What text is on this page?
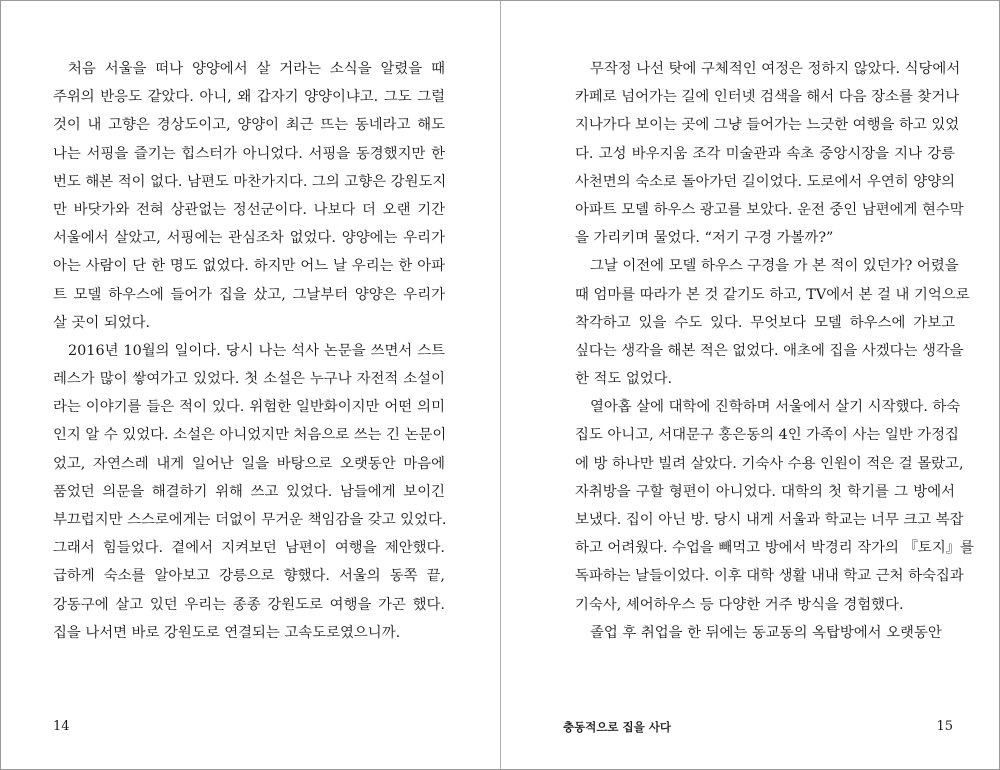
처음 서울을 떠나 양양에서 살 거라는 소식을 알렸을 때
주위의 반응도 같았다. 아니, 왜 갑자기 양양이냐고. 그도 그럴
것이 내 고향은 경상도이고, 양양이 최근 뜨는 동네라고 해도
나는 서핑을 즐기는 힙스터가 아니었다. 서핑을 동경했지만 한
번도 해본 적이 없다. 남편도 마찬가지다. 그의 고향은 강원도지
만 바닷가와 전혀 상관없는 정선군이다. 나보다 더 오랜 기간
서울에서 살았고, 서핑에는 관심조차 없었다. 양양에는 우리가
아는 사람이 단 한 명도 없었다. 하지만 어느 날 우리는 한 아파
트 모델 하우스에 들어가 집을 샀고, 그날부터 양양은 우리가
살 곳이 되었다.
2016년 10월의 일이다. 당시 나는 석사 논문을 쓰면서 스트
레스가 많이 쌓여가고 있었다. 첫 소설은 누구나 자전적 소설이
라는 이야기를 들은 적이 있다. 위험한 일반화이지만 어떤 의미
인지 알 수 있었다. 소설은 아니었지만 처음으로 쓰는 긴 논문이
었고, 자연스레 내게 일어난 일을 바탕으로 오랫동안 마음에
품었던 의문을 해결하기 위해 쓰고 있었다. 남들에게 보이긴
부끄럽지만 스스로에게는 더없이 무거운 책임감을 갖고 있었다.
그래서 힘들었다. 곁에서 지켜보던 남편이 여행을 제안했다.
급하게 숙소를 알아보고 강릉으로 향했다. 서울의 동쪽 끝,
강동구에 살고 있던 우리는 종종 강원도로 여행을 가곤 했다.
집을 나서면 바로 강원도로 연결되는 고속도로였으니까.
14
무작정 나선 탓에 구체적인 여정은 정하지 않았다. 식당에서
카페로 넘어가는 길에 인터넷 검색을 해서 다음 장소를 찾거나
지나가다 보이는 곳에 그냥 들어가는 느긋한 여행을 하고 있었
다. 고성 바우지움 조각 미술관과 속초 중앙시장을 지나 강릉
사천면의 숙소로 돌아가던 길이었다. 도로에서 우연히 양양의
아파트 모델 하우스 광고를 보았다. 운전 중인 남편에게 현수막
을 가리키며 물었다. “저기 구경 가볼까?”
그날 이전에 모델 하우스 구경을 가 본 적이 있던가? 어렸을
때 엄마를 따라가 본 것 같기도 하고, TV에서 본 걸 내 기억으로
착각하고 있을 수도 있다. 무엇보다 모델 하우스에 가보고
싶다는 생각을 해본 적은 없었다. 애초에 집을 사겠다는 생각을
한 적도 없었다.
열아홉 살에 대학에 진학하며 서울에서 살기 시작했다. 하숙
집도 아니고, 서대문구 홍은동의 4인 가족이 사는 일반 가정집
에 방 하나만 빌려 살았다. 기숙사 수용 인원이 적은 걸 몰랐고,
자취방을 구할 형편이 아니었다. 대학의 첫 학기를 그 방에서
보냈다. 집이 아닌 방. 당시 내게 서울과 학교는 너무 크고 복잡
하고 어려웠다. 수업을 빼먹고 방에서 박경리 작가의 『토지』를
독파하는 날들이었다. 이후 대학 생활 내내 학교 근처 하숙집과
기숙사, 셰어하우스 등 다양한 거주 방식을 경험했다.
졸업 후 취업을 한 뒤에는 동교동의 옥탑방에서 오랫동안
충동적으로 집을 사다	15
